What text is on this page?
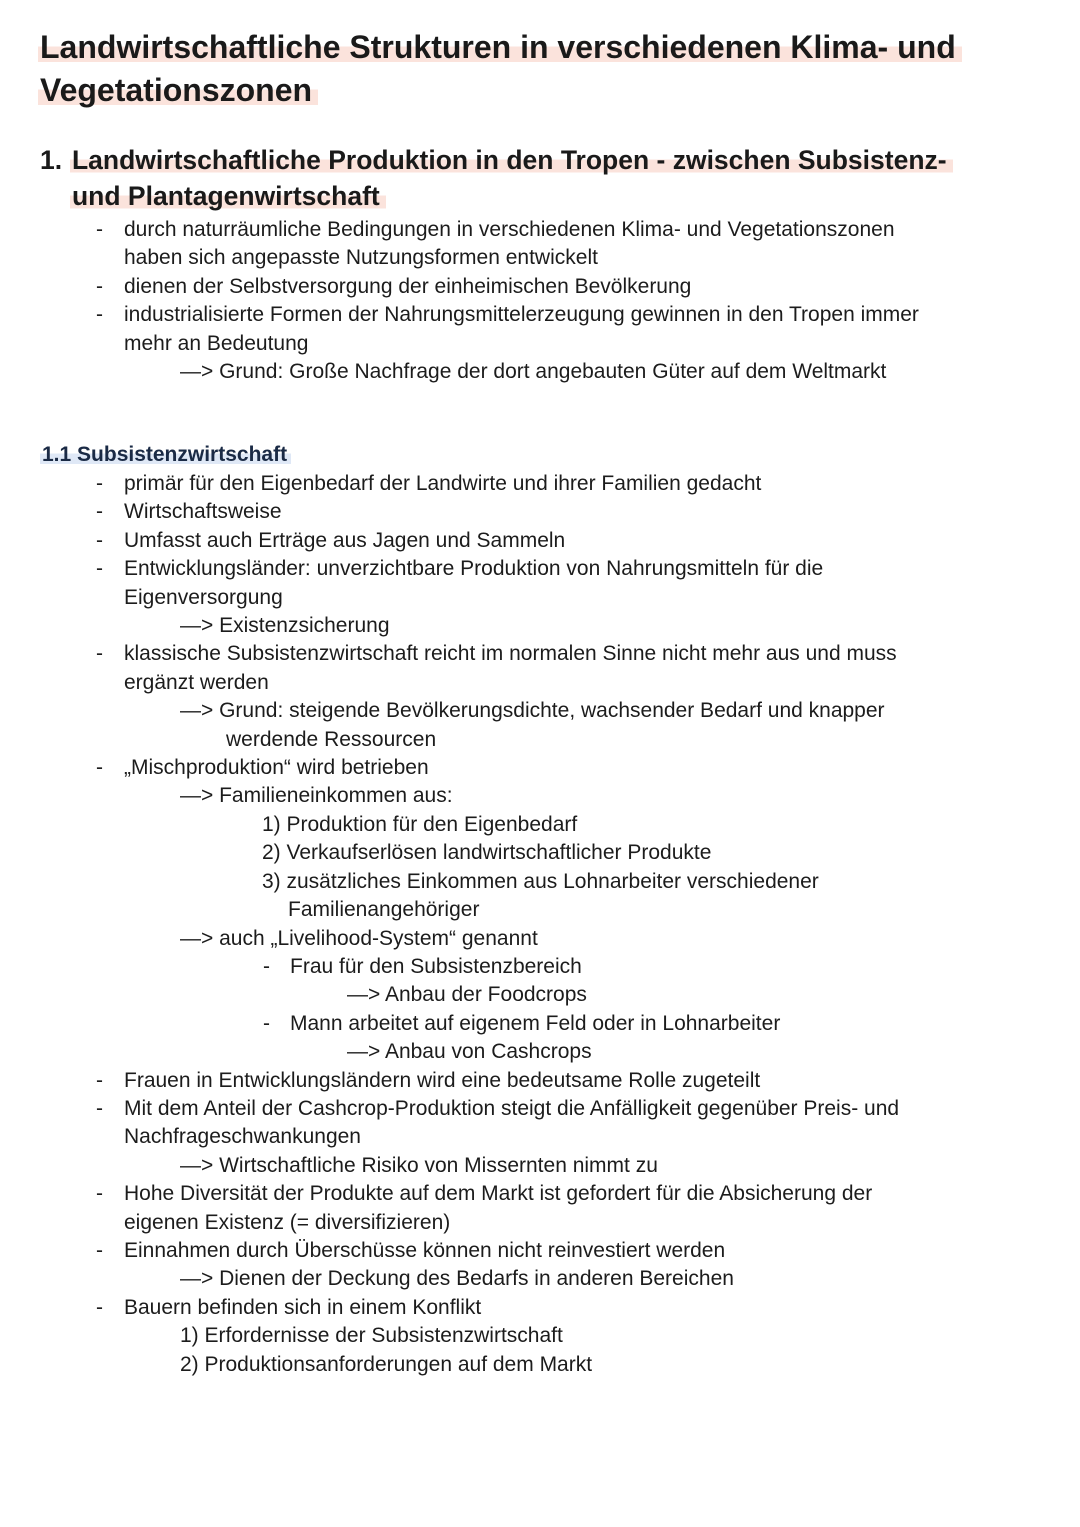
Landwirtschaftliche Strukturen in verschiedenen Klima- und
Vegetationszonen
1. Landwirtschaftliche Produktion in den Tropen - zwischen Subsistenz-
und Plantagenwirtschaft
- durch naturräumliche Bedingungen in verschiedenen Klima- und Vegetationszonen
haben sich angepasste Nutzungsformen entwickelt
- dienen der Selbstversorgung der einheimischen Bevölkerung
- industrialisierte Formen der Nahrungsmittelerzeugung gewinnen in den Tropen immer
mehr an Bedeutung
—> Grund: Große Nachfrage der dort angebauten Güter auf dem Weltmarkt
1.1 Subsistenzwirtschaft
- primär für den Eigenbedarf der Landwirte und ihrer Familien gedacht
- Wirtschaftsweise
- Umfasst auch Erträge aus Jagen und Sammeln
- Entwicklungsländer: unverzichtbare Produktion von Nahrungsmitteln für die
Eigenversorgung
—> Existenzsicherung
- klassische Subsistenzwirtschaft reicht im normalen Sinne nicht mehr aus und muss
ergänzt werden
—> Grund: steigende Bevölkerungsdichte, wachsender Bedarf und knapper
werdende Ressourcen
- „Mischproduktion“ wird betrieben
—> Familieneinkommen aus:
1) Produktion für den Eigenbedarf
2) Verkaufserlösen landwirtschaftlicher Produkte
3) zusätzliches Einkommen aus Lohnarbeiter verschiedener
Familienangehöriger
—> auch „Livelihood-System“ genannt
- Frau für den Subsistenzbereich
—> Anbau der Foodcrops
- Mann arbeitet auf eigenem Feld oder in Lohnarbeiter
—> Anbau von Cashcrops
- Frauen in Entwicklungsländern wird eine bedeutsame Rolle zugeteilt
- Mit dem Anteil der Cashcrop-Produktion steigt die Anfälligkeit gegenüber Preis- und
Nachfrageschwankungen
—> Wirtschaftliche Risiko von Missernten nimmt zu
- Hohe Diversität der Produkte auf dem Markt ist gefordert für die Absicherung der
eigenen Existenz (= diversifizieren)
- Einnahmen durch Überschüsse können nicht reinvestiert werden
—> Dienen der Deckung des Bedarfs in anderen Bereichen
- Bauern befinden sich in einem Konflikt
1) Erfordernisse der Subsistenzwirtschaft
2) Produktionsanforderungen auf dem Markt
